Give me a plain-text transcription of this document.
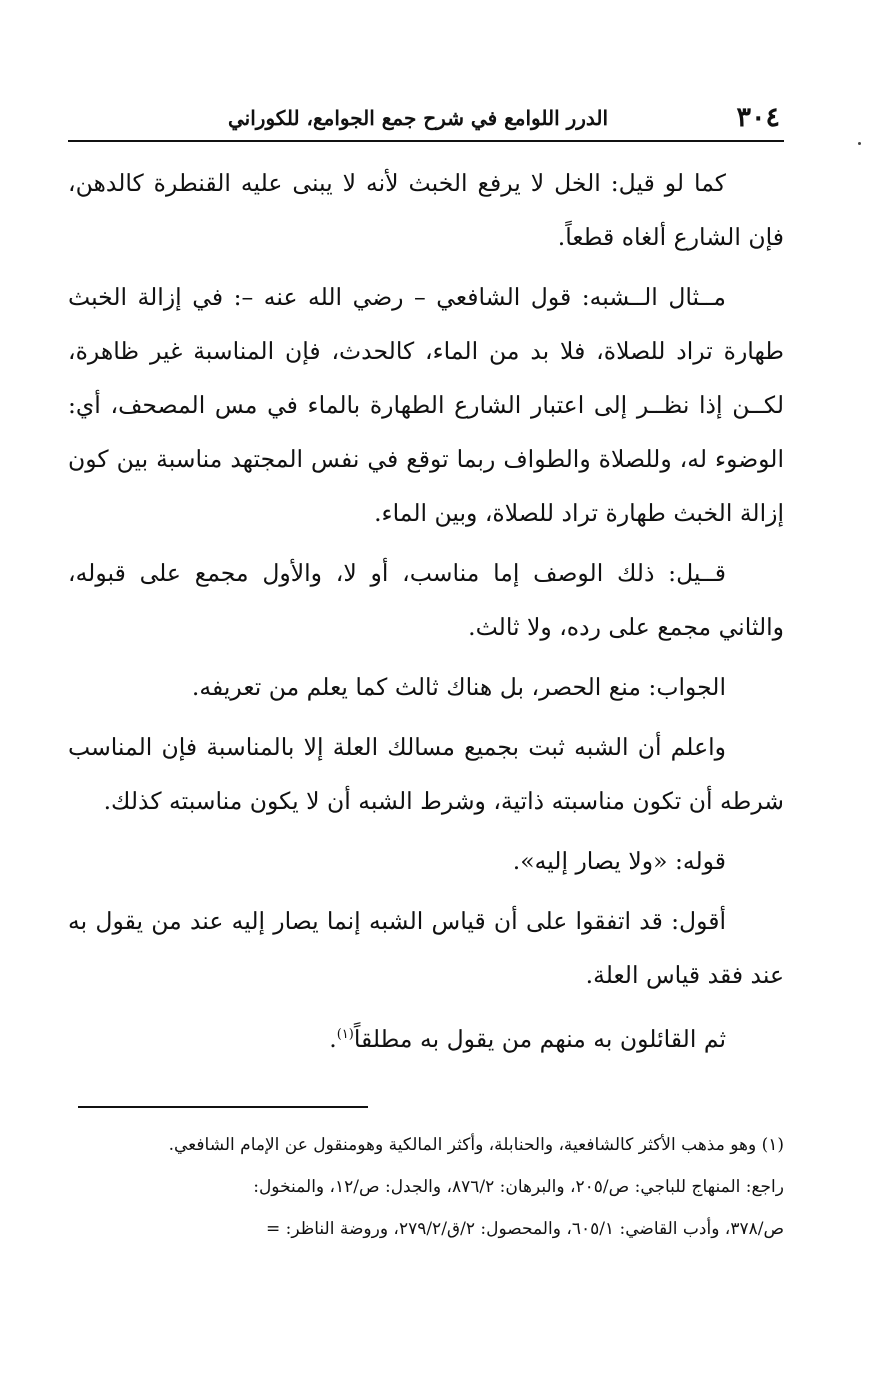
٣٠٤
الدرر اللوامع في شرح جمع الجوامع، للكوراني

كما لو قيل: الخل لا يرفع الخبث لأنه لا يبنى عليه القنطرة كالدهن، فإن الشارع ألغاه قطعاً.

مــثال الــشبه: قول الشافعي – رضي الله عنه –: في إزالة الخبث طهارة تراد للصلاة، فلا بد من الماء، كالحدث، فإن المناسبة غير ظاهرة، لكــن إذا نظــر إلى اعتبار الشارع الطهارة بالماء في مس المصحف، أي: الوضوء له، وللصلاة والطواف ربما توقع في نفس المجتهد مناسبة بين كون إزالة الخبث طهارة تراد للصلاة، وبين الماء.

قــيل: ذلك الوصف إما مناسب، أو لا، والأول مجمع على قبوله، والثاني مجمع على رده، ولا ثالث.

الجواب: منع الحصر، بل هناك ثالث كما يعلم من تعريفه.

واعلم أن الشبه ثبت بجميع مسالك العلة إلا بالمناسبة فإن المناسب شرطه أن تكون مناسبته ذاتية، وشرط الشبه أن لا يكون مناسبته كذلك.

قوله: «ولا يصار إليه».

أقول: قد اتفقوا على أن قياس الشبه إنما يصار إليه عند من يقول به عند فقد قياس العلة.

ثم القائلون به منهم من يقول به مطلقاً$^{(١)}$.

(١) وهو مذهب الأكثر كالشافعية، والحنابلة، وأكثر المالكية وهومنقول عن الإمام الشافعي.

راجع: المنهاج للباجي: ص/٢٠٥، والبرهان: ٨٧٦/٢، والجدل: ص/١٢، والمنخول:

ص/٣٧٨، وأدب القاضي: ٦٠٥/١، والمحصول: ٢/ق/٢٧٩/٢، وروضة الناظر: =
